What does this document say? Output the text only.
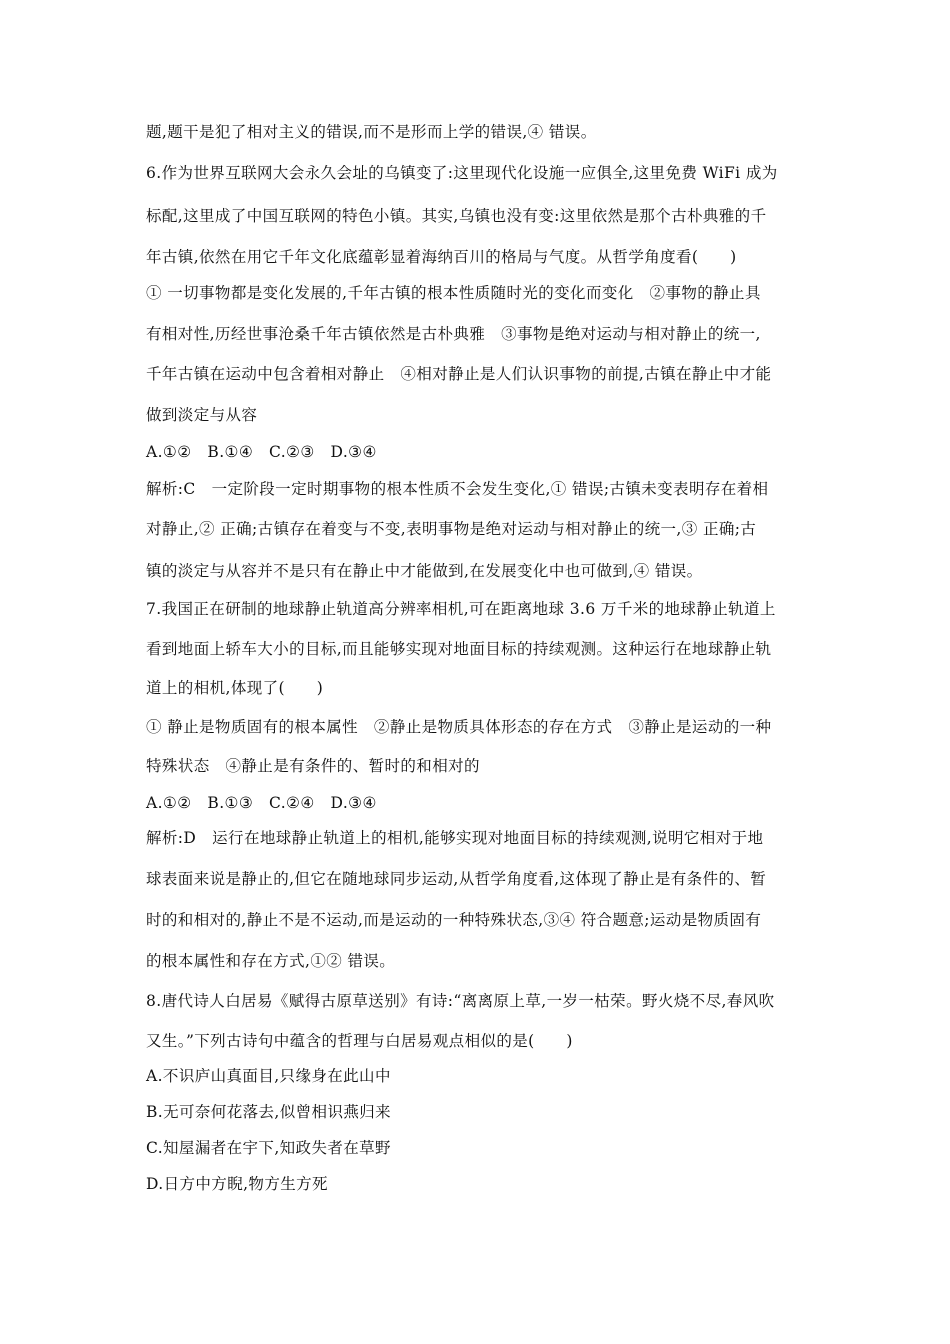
题,题干是犯了相对主义的错误,而不是形而上学的错误,④ 错误。
6.作为世界互联网大会永久会址的乌镇变了:这里现代化设施一应俱全,这里免费 WiFi 成为
标配,这里成了中国互联网的特色小镇。其实,乌镇也没有变:这里依然是那个古朴典雅的千
年古镇,依然在用它千年文化底蕴彰显着海纳百川的格局与气度。从哲学角度看(　　)
① 一切事物都是变化发展的,千年古镇的根本性质随时光的变化而变化　②事物的静止具
有相对性,历经世事沧桑千年古镇依然是古朴典雅　③事物是绝对运动与相对静止的统一,
千年古镇在运动中包含着相对静止　④相对静止是人们认识事物的前提,古镇在静止中才能
做到淡定与从容
A.①②　B.①④　C.②③　D.③④
解析:C　一定阶段一定时期事物的根本性质不会发生变化,① 错误;古镇未变表明存在着相
对静止,② 正确;古镇存在着变与不变,表明事物是绝对运动与相对静止的统一,③ 正确;古
镇的淡定与从容并不是只有在静止中才能做到,在发展变化中也可做到,④ 错误。
7.我国正在研制的地球静止轨道高分辨率相机,可在距离地球 3.6 万千米的地球静止轨道上
看到地面上轿车大小的目标,而且能够实现对地面目标的持续观测。这种运行在地球静止轨
道上的相机,体现了(　　)
① 静止是物质固有的根本属性　②静止是物质具体形态的存在方式　③静止是运动的一种
特殊状态　④静止是有条件的、暂时的和相对的
A.①②　B.①③　C.②④　D.③④
解析:D　运行在地球静止轨道上的相机,能够实现对地面目标的持续观测,说明它相对于地
球表面来说是静止的,但它在随地球同步运动,从哲学角度看,这体现了静止是有条件的、暂
时的和相对的,静止不是不运动,而是运动的一种特殊状态,③④ 符合题意;运动是物质固有
的根本属性和存在方式,①② 错误。
8.唐代诗人白居易《赋得古原草送别》有诗:“离离原上草,一岁一枯荣。野火烧不尽,春风吹
又生。”下列古诗句中蕴含的哲理与白居易观点相似的是(　　)
A.不识庐山真面目,只缘身在此山中
B.无可奈何花落去,似曾相识燕归来
C.知屋漏者在宇下,知政失者在草野
D.日方中方睨,物方生方死
